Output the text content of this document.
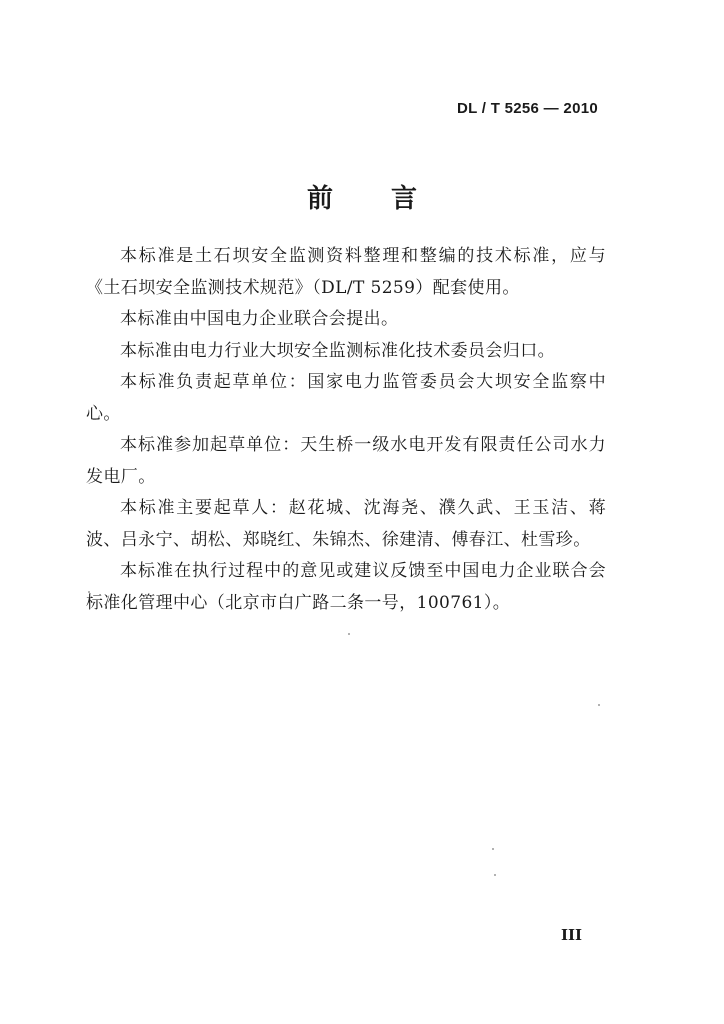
DL / T 5256 — 2010
前言

本标准是土石坝安全监测资料整理和整编的技术标准，应与《土石坝安全监测技术规范》（DL/T 5259）配套使用。

本标准由中国电力企业联合会提出。

本标准由电力行业大坝安全监测标准化技术委员会归口。

本标准负责起草单位：国家电力监管委员会大坝安全监察中心。

本标准参加起草单位：天生桥一级水电开发有限责任公司水力发电厂。

本标准主要起草人：赵花城、沈海尧、濮久武、王玉洁、蒋波、吕永宁、胡松、郑晓红、朱锦杰、徐建清、傅春江、杜雪珍。

本标准在执行过程中的意见或建议反馈至中国电力企业联合会标准化管理中心（北京市白广路二条一号，100761）。

III
